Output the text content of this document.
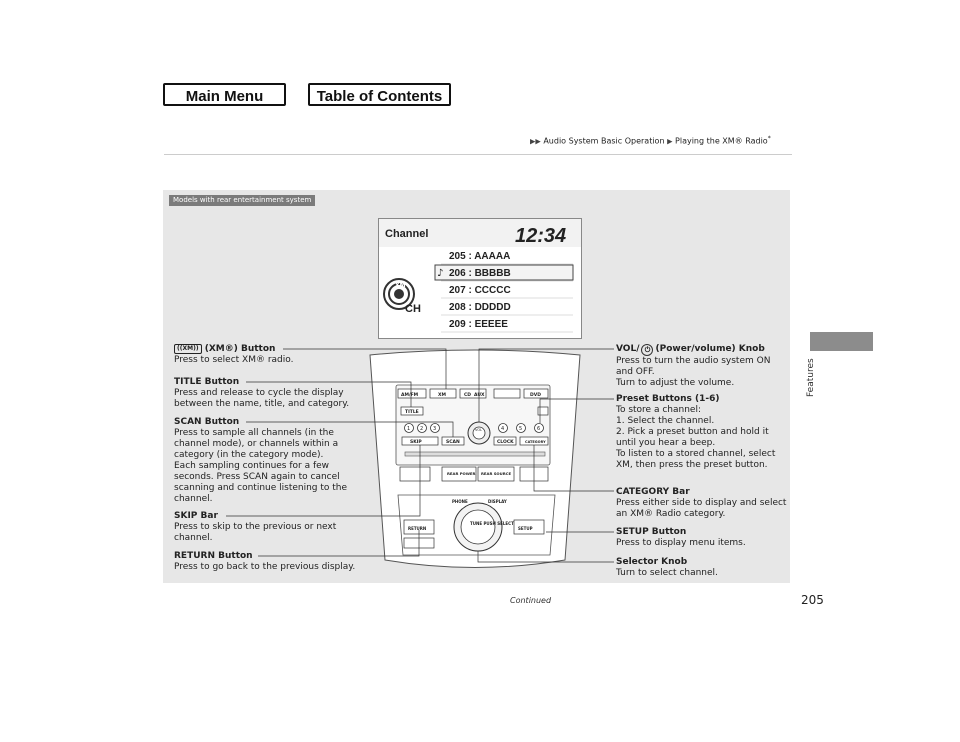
Main Menu	Table of Contents
▶▶ Audio System Basic Operation ▶ Playing the XM® Radio*
Features
Models with rear entertainment system
Channel	12:34
XM
CH
205 : AAAAA
♪ 206 : BBBBB
207 : CCCCC
208 : DDDDD
209 : EEEEE
AM/FM	XM	CD AUX	DVD
TITLE
1 2 3	4	5	6
VOL
SKIP	SCAN	CLOCK	CATEGORY
REAR POWER REAR SOURCE
PHONE	DISPLAY
RETURN	SETUP
TUNE PUSH SELECT

((XM)) (XM®) Button

Press to select XM® radio.

TITLE Button

Press and release to cycle the display between the name, title, and category.

SCAN Button

Press to sample all channels (in the channel mode), or channels within a category (in the category mode).

Each sampling continues for a few seconds. Press SCAN again to cancel scanning and continue listening to the channel.

SKIP Bar

Press to skip to the previous or next channel.

RETURN Button

Press to go back to the previous display.

VOL/ ⏻ (Power/volume) Knob

Press to turn the audio system ON and OFF.

Turn to adjust the volume.

Preset Buttons (1-6)

To store a channel:

1. Select the channel.

2. Pick a preset button and hold it until you hear a beep.

To listen to a stored channel, select XM, then press the preset button.

CATEGORY Bar

Press either side to display and select an XM® Radio category.

SETUP Button

Press to display menu items.

Selector Knob

Turn to select channel.

Continued	205
